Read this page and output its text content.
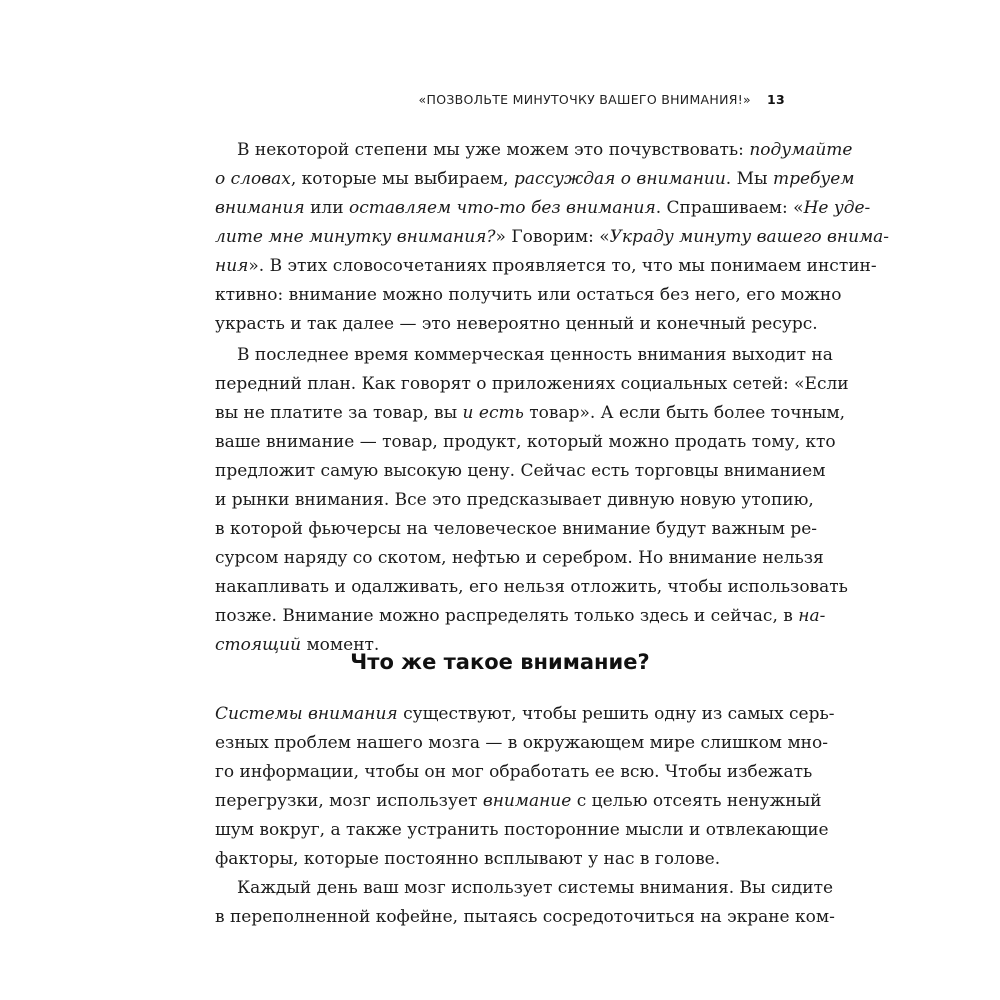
«ПОЗВОЛЬТЕ МИНУТОЧКУ ВАШЕГО ВНИМАНИЯ!» 13
В некоторой степени мы уже можем это почувствовать: подумайте
о словах, которые мы выбираем, рассуждая о внимании. Мы требуем
внимания или оставляем что-то без внимания. Спрашиваем: «Не уде-
лите мне минутку внимания?» Говорим: «Украду минуту вашего внима-
ния». В этих словосочетаниях проявляется то, что мы понимаем инстин-
ктивно: внимание можно получить или остаться без него, его можно
украсть и так далее — это невероятно ценный и конечный ресурс.
В последнее время коммерческая ценность внимания выходит на
передний план. Как говорят о приложениях социальных сетей: «Если
вы не платите за товар, вы и есть товар». А если быть более точным,
ваше внимание — товар, продукт, который можно продать тому, кто
предложит самую высокую цену. Сейчас есть торговцы вниманием
и рынки внимания. Все это предсказывает дивную новую утопию,
в которой фьючерсы на человеческое внимание будут важным ре-
сурсом наряду со скотом, нефтью и серебром. Но внимание нельзя
накапливать и одалживать, его нельзя отложить, чтобы использовать
позже. Внимание можно распределять только здесь и сейчас, в на-
стоящий момент.
Что же такое внимание?
Системы внимания существуют, чтобы решить одну из самых серь-
езных проблем нашего мозга — в окружающем мире слишком мно-
го информации, чтобы он мог обработать ее всю. Чтобы избежать
перегрузки, мозг использует внимание с целью отсеять ненужный
шум вокруг, а также устранить посторонние мысли и отвлекающие
факторы, которые постоянно всплывают у нас в голове.
Каждый день ваш мозг использует системы внимания. Вы сидите
в переполненной кофейне, пытаясь сосредоточиться на экране ком-
